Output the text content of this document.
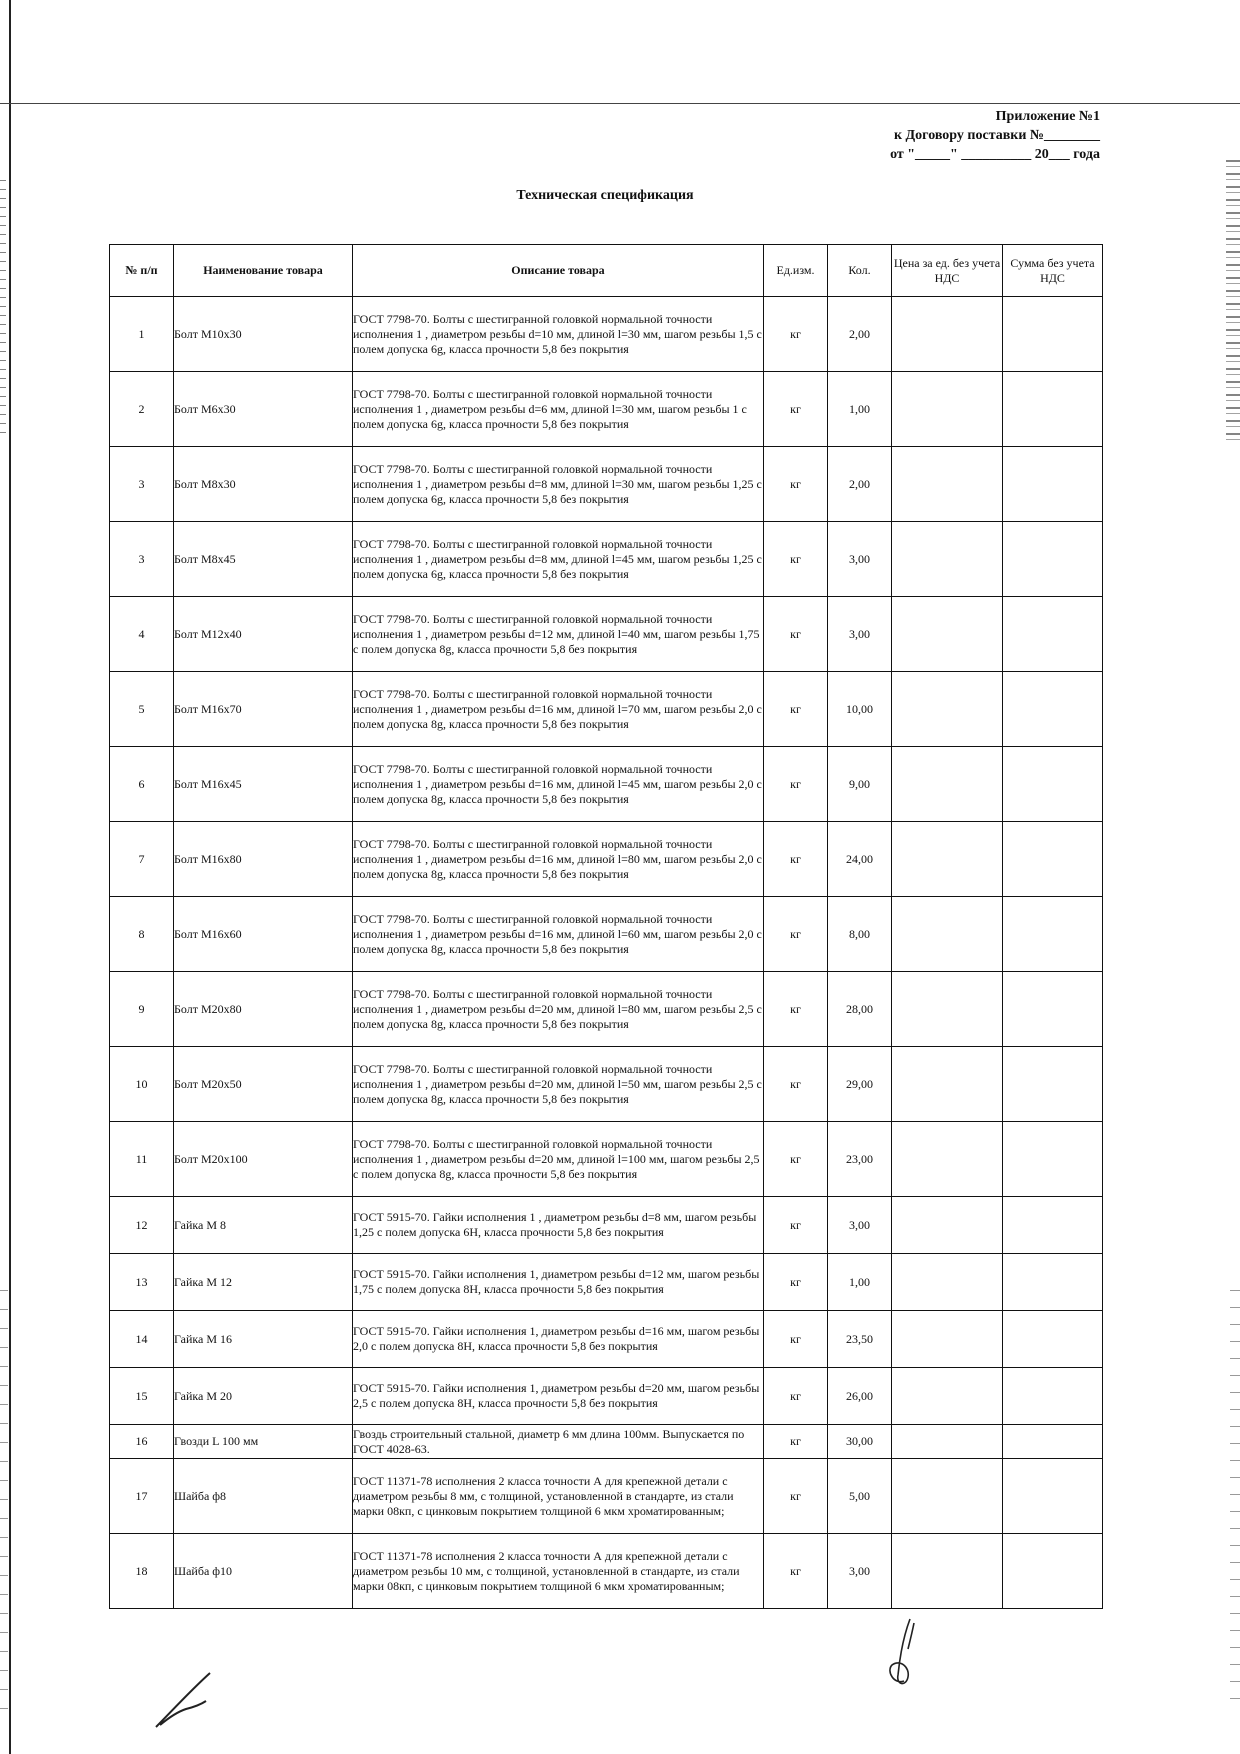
Приложение №1
к Договору поставки №________
от "_____" __________ 20___ года
Техническая спецификация
№ п/п	Наименование товара	Описание товара	Ед.изм.	Кол.	Цена за ед. без учета НДС	Сумма без учета НДС
1	Болт М10х30	ГОСТ 7798-70. Болты с шестигранной головкой нормальной точности исполнения 1 , диаметром резьбы d=10 мм, длиной l=30 мм, шагом резьбы 1,5 с полем допуска 6g, класса прочности 5,8 без покрытия	кг	2,00		
2	Болт М6х30	ГОСТ 7798-70. Болты с шестигранной головкой нормальной точности исполнения 1 , диаметром резьбы d=6 мм, длиной l=30 мм, шагом резьбы 1 с полем допуска 6g, класса прочности 5,8 без покрытия	кг	1,00		
3	Болт М8х30	ГОСТ 7798-70. Болты с шестигранной головкой нормальной точности исполнения 1 , диаметром резьбы d=8 мм, длиной l=30 мм, шагом резьбы 1,25 с полем допуска 6g, класса прочности 5,8 без покрытия	кг	2,00		
3	Болт М8х45	ГОСТ 7798-70. Болты с шестигранной головкой нормальной точности исполнения 1 , диаметром резьбы d=8 мм, длиной l=45 мм, шагом резьбы 1,25 с полем допуска 6g, класса прочности 5,8 без покрытия	кг	3,00		
4	Болт М12х40	ГОСТ 7798-70. Болты с шестигранной головкой нормальной точности исполнения 1 , диаметром резьбы d=12 мм, длиной l=40 мм, шагом резьбы 1,75 с полем допуска 8g, класса прочности 5,8 без покрытия	кг	3,00		
5	Болт М16х70	ГОСТ 7798-70. Болты с шестигранной головкой нормальной точности исполнения 1 , диаметром резьбы d=16 мм, длиной l=70 мм, шагом резьбы 2,0 с полем допуска 8g, класса прочности 5,8 без покрытия	кг	10,00		
6	Болт М16х45	ГОСТ 7798-70. Болты с шестигранной головкой нормальной точности исполнения 1 , диаметром резьбы d=16 мм, длиной l=45 мм, шагом резьбы 2,0 с полем допуска 8g, класса прочности 5,8 без покрытия	кг	9,00		
7	Болт М16х80	ГОСТ 7798-70. Болты с шестигранной головкой нормальной точности исполнения 1 , диаметром резьбы d=16 мм, длиной l=80 мм, шагом резьбы 2,0 с полем допуска 8g, класса прочности 5,8 без покрытия	кг	24,00		
8	Болт М16х60	ГОСТ 7798-70. Болты с шестигранной головкой нормальной точности исполнения 1 , диаметром резьбы d=16 мм, длиной l=60 мм, шагом резьбы 2,0 с полем допуска 8g, класса прочности 5,8 без покрытия	кг	8,00		
9	Болт М20х80	ГОСТ 7798-70. Болты с шестигранной головкой нормальной точности исполнения 1 , диаметром резьбы d=20 мм, длиной l=80 мм, шагом резьбы 2,5 с полем допуска 8g, класса прочности 5,8 без покрытия	кг	28,00		
10	Болт М20х50	ГОСТ 7798-70. Болты с шестигранной головкой нормальной точности исполнения 1 , диаметром резьбы d=20 мм, длиной l=50 мм, шагом резьбы 2,5 с полем допуска 8g, класса прочности 5,8 без покрытия	кг	29,00		
11	Болт М20х100	ГОСТ 7798-70. Болты с шестигранной головкой нормальной точности исполнения 1 , диаметром резьбы d=20 мм, длиной l=100 мм, шагом резьбы 2,5 с полем допуска 8g, класса прочности 5,8 без покрытия	кг	23,00		
12	Гайка М 8	ГОСТ 5915-70. Гайки исполнения 1 , диаметром резьбы d=8 мм, шагом резьбы 1,25 с полем допуска 6Н, класса прочности 5,8 без покрытия	кг	3,00		
13	Гайка М 12	ГОСТ 5915-70. Гайки исполнения 1, диаметром резьбы d=12 мм, шагом резьбы 1,75 с полем допуска 8Н, класса прочности 5,8 без покрытия	кг	1,00		
14	Гайка М 16	ГОСТ 5915-70. Гайки исполнения 1, диаметром резьбы d=16 мм, шагом резьбы 2,0 с полем допуска 8Н, класса прочности 5,8 без покрытия	кг	23,50		
15	Гайка М 20	ГОСТ 5915-70. Гайки исполнения 1, диаметром резьбы d=20 мм, шагом резьбы 2,5 с полем допуска 8Н, класса прочности 5,8 без покрытия	кг	26,00		
16	Гвозди L 100 мм	Гвоздь строительный стальной, диаметр 6 мм длина 100мм. Выпускается по ГОСТ 4028-63.	кг	30,00		
17	Шайба ф8	ГОСТ 11371-78 исполнения 2 класса точности А для крепежной детали с диаметром резьбы 8 мм, с толщиной, установленной в стандарте, из стали марки 08кп, с цинковым покрытием толщиной 6 мкм хроматированным;	кг	5,00		
18	Шайба ф10	ГОСТ 11371-78 исполнения 2 класса точности А для крепежной детали с диаметром резьбы 10 мм, с толщиной, установленной в стандарте, из стали марки 08кп, с цинковым покрытием толщиной 6 мкм хроматированным;	кг	3,00		
